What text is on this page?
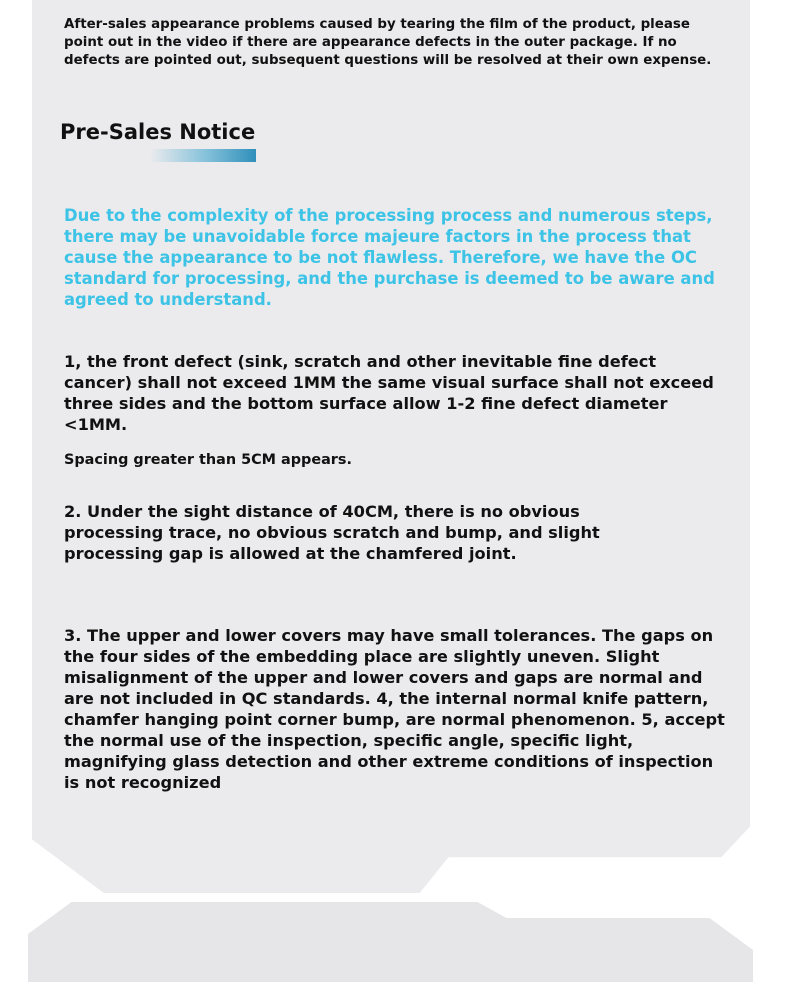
After-sales appearance problems caused by tearing the film of the product, please point out in the video if there are appearance defects in the outer package. If no defects are pointed out, subsequent questions will be resolved at their own expense.

Pre-Sales Notice

Due to the complexity of the processing process and numerous steps, there may be unavoidable force majeure factors in the process that cause the appearance to be not flawless. Therefore, we have the OC standard for processing, and the purchase is deemed to be aware and agreed to understand.

1, the front defect (sink, scratch and other inevitable fine defect cancer) shall not exceed 1MM the same visual surface shall not exceed three sides and the bottom surface allow 1-2 fine defect diameter <1MM.

Spacing greater than 5CM appears.

2. Under the sight distance of 40CM, there is no obvious processing trace, no obvious scratch and bump, and slight processing gap is allowed at the chamfered joint.

3. The upper and lower covers may have small tolerances. The gaps on the four sides of the embedding place are slightly uneven. Slight misalignment of the upper and lower covers and gaps are normal and are not included in QC standards. 4, the internal normal knife pattern, chamfer hanging point corner bump, are normal phenomenon. 5, accept the normal use of the inspection, specific angle, specific light, magnifying glass detection and other extreme conditions of inspection is not recognized
